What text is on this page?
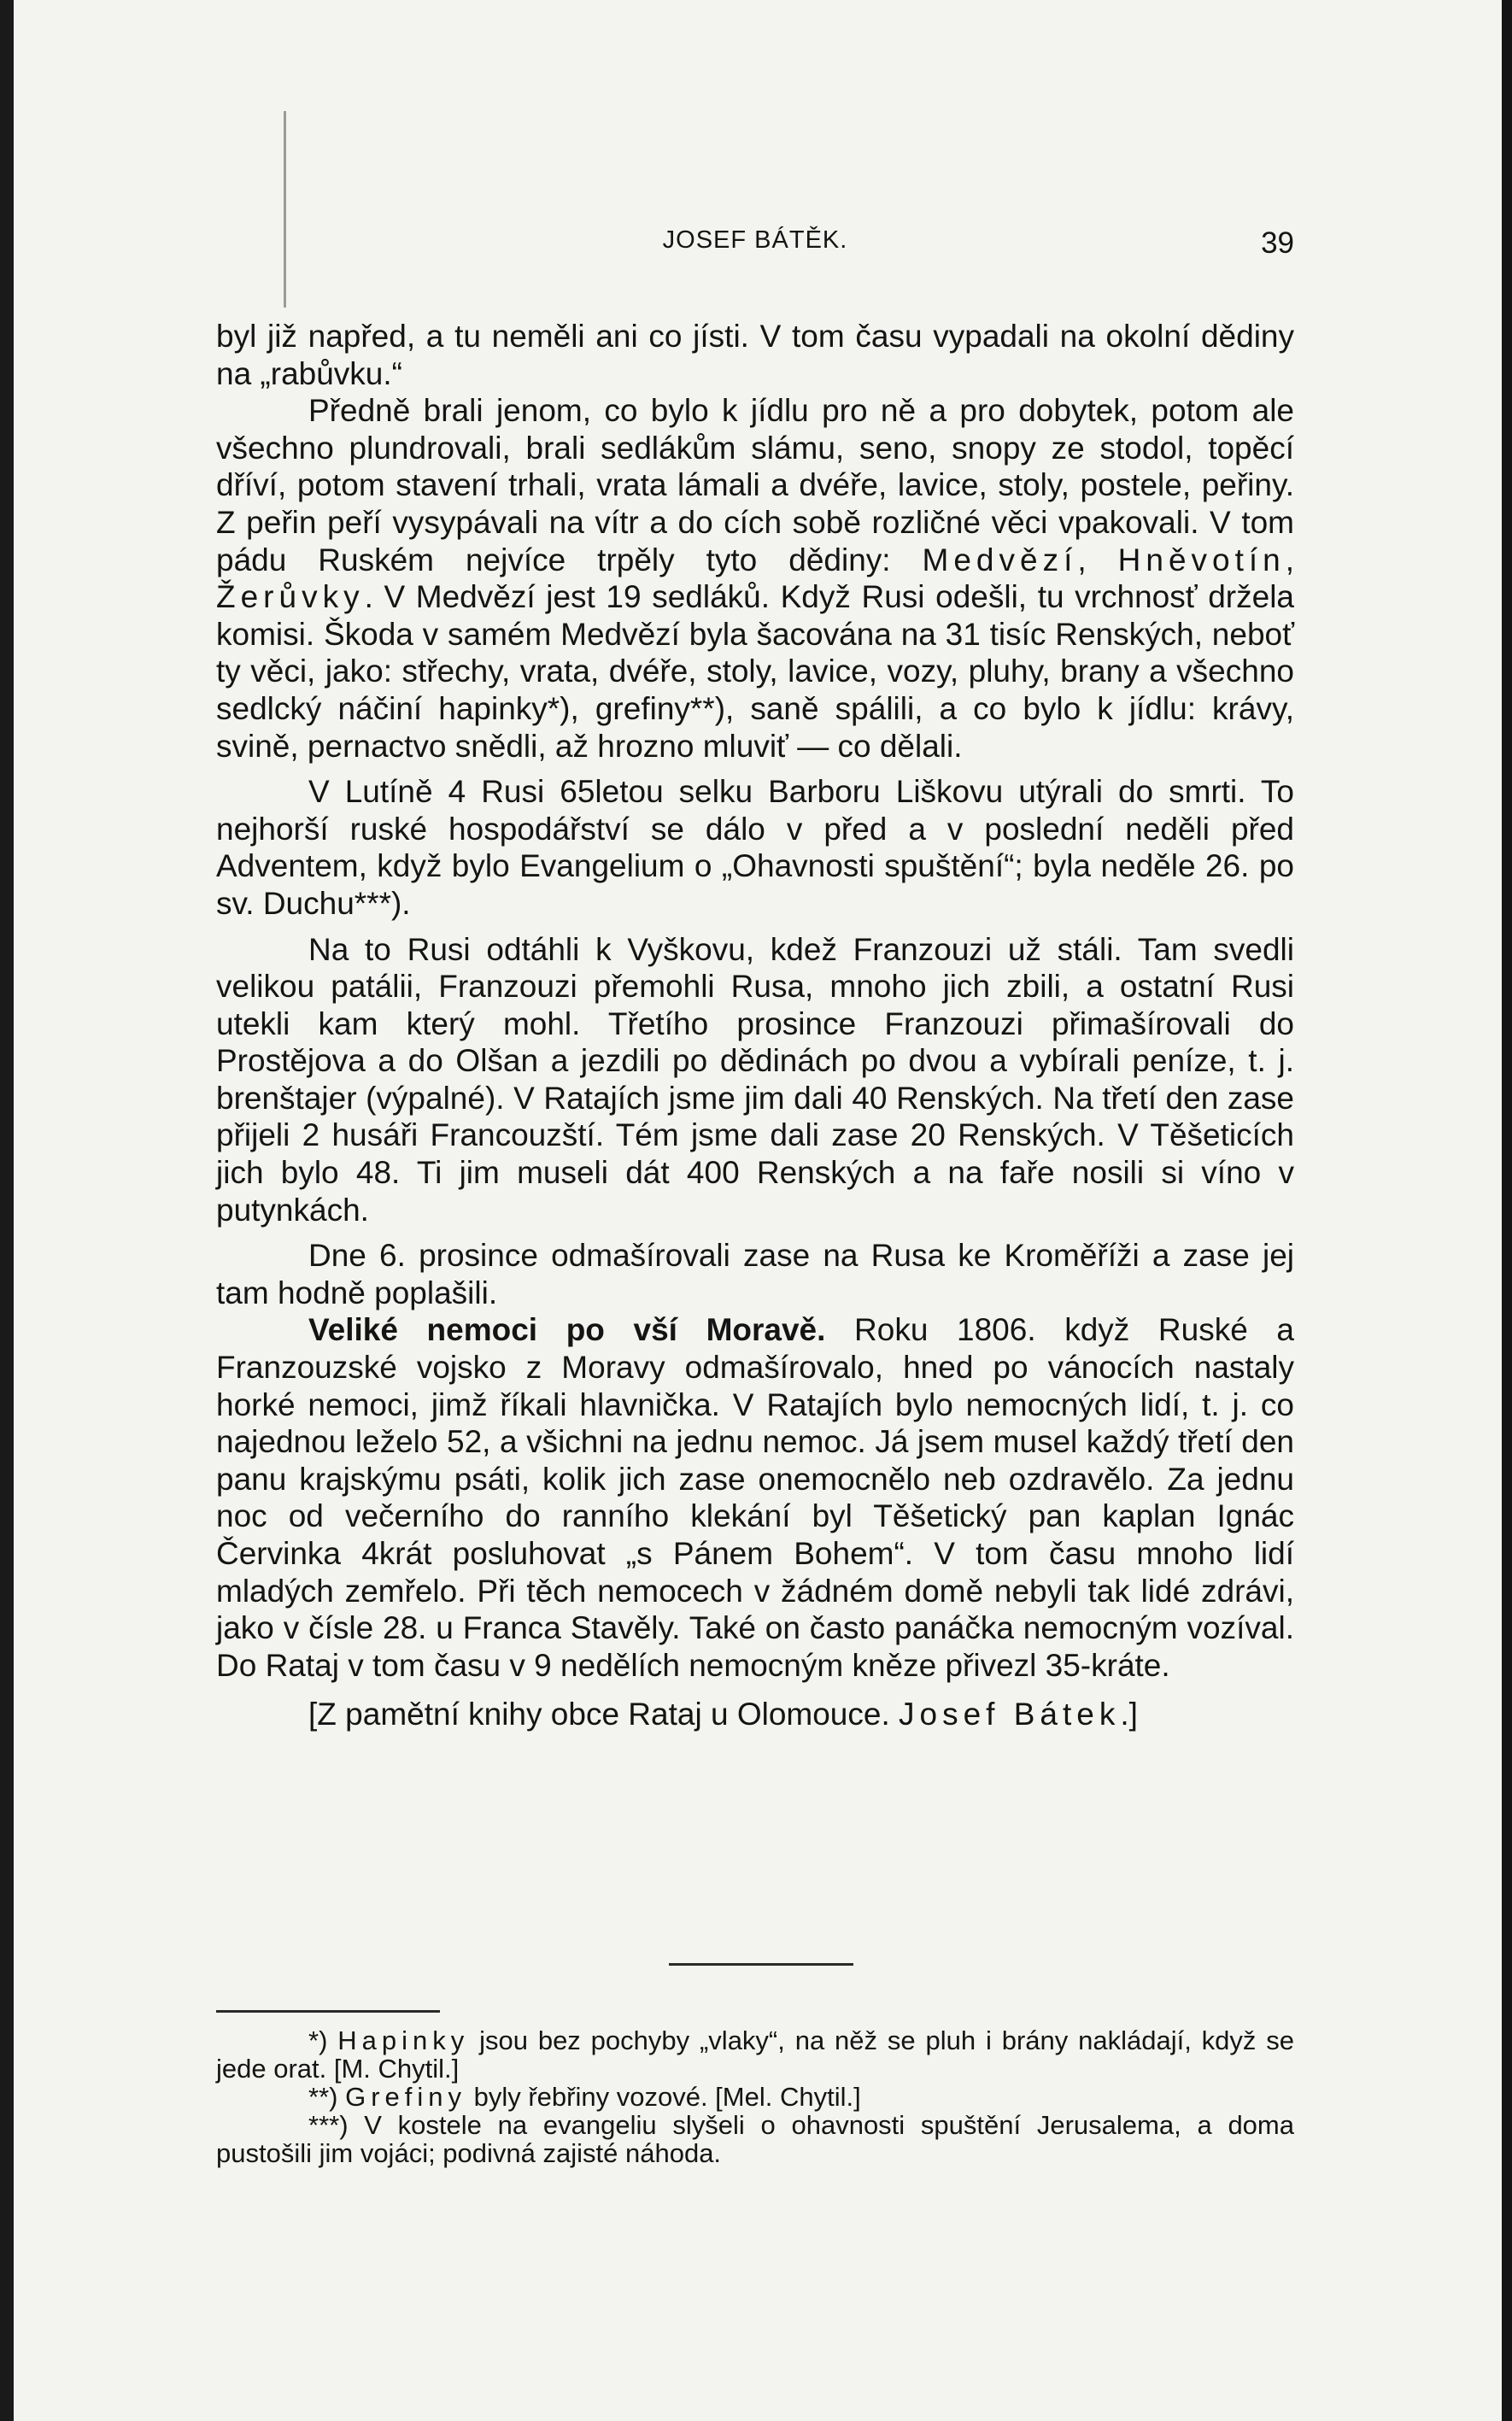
JOSEF BÁTĚK.	39

byl již napřed, a tu neměli ani co jísti. V tom času vypadali na okolní dědiny na „rabůvku.“

Předně brali jenom, co bylo k jídlu pro ně a pro dobytek, potom ale všechno plundrovali, brali sedlákům slámu, seno, snopy ze stodol, topěcí dříví, potom stavení trhali, vrata lámali a dvéře, lavice, stoly, postele, peřiny. Z peřin peří vysypávali na vítr a do cích sobě rozličné věci vpakovali. V tom pádu Ruském nejvíce trpěly tyto dědiny: Medvězí, Hněvotín, Žerůvky. V Medvězí jest 19 sedláků. Když Rusi odešli, tu vrchnosť držela komisi. Škoda v samém Medvězí byla šacována na 31 tisíc Renských, neboť ty věci, jako: střechy, vrata, dvéře, stoly, lavice, vozy, pluhy, brany a všechno sedlcký náčiní hapinky*), grefiny**), saně spálili, a co bylo k jídlu: krávy, svině, pernactvo snědli, až hrozno mluviť — co dělali.

V Lutíně 4 Rusi 65letou selku Barboru Liškovu utýrali do smrti. To nejhorší ruské hospodářství se dálo v před a v poslední neděli před Adventem, když bylo Evangelium o „Ohavnosti spuštění“; byla neděle 26. po sv. Duchu***).

Na to Rusi odtáhli k Vyškovu, kdež Franzouzi už stáli. Tam svedli velikou patálii, Franzouzi přemohli Rusa, mnoho jich zbili, a ostatní Rusi utekli kam který mohl. Třetího prosince Franzouzi přimašírovali do Prostějova a do Olšan a jezdili po dědinách po dvou a vybírali peníze, t. j. brenštajer (výpalné). V Ratajích jsme jim dali 40 Renských. Na třetí den zase přijeli 2 husáři Francouzští. Tém jsme dali zase 20 Renských. V Těšeticích jich bylo 48. Ti jim museli dát 400 Renských a na faře nosili si víno v putynkách.

Dne 6. prosince odmašírovali zase na Rusa ke Kroměříži a zase jej tam hodně poplašili.

Veliké nemoci po vší Moravě. Roku 1806. když Ruské a Franzouzské vojsko z Moravy odmašírovalo, hned po vánocích nastaly horké nemoci, jimž říkali hlavnička. V Ratajích bylo nemocných lidí, t. j. co najednou leželo 52, a všichni na jednu nemoc. Já jsem musel každý třetí den panu krajskýmu psáti, kolik jich zase onemocnělo neb ozdravělo. Za jednu noc od večerního do ranního klekání byl Těšetický pan kaplan Ignác Červinka 4krát posluhovat „s Pánem Bohem“. V tom času mnoho lidí mladých zemřelo. Při těch nemocech v žádném domě nebyli tak lidé zdrávi, jako v čísle 28. u Franca Stavěly. Také on často panáčka nemocným vozíval. Do Rataj v tom času v 9 nedělích nemocným kněze přivezl 35-kráte.

[Z pamětní knihy obce Rataj u Olomouce. Josef Bátek.]

*) Hapinky jsou bez pochyby „vlaky“, na něž se pluh i brány nakládají, když se jede orat. [M. Chytil.]

**) Grefiny byly řebřiny vozové. [Mel. Chytil.]

***) V kostele na evangeliu slyšeli o ohavnosti spuštění Jerusalema, a doma pustošili jim vojáci; podivná zajisté náhoda.
